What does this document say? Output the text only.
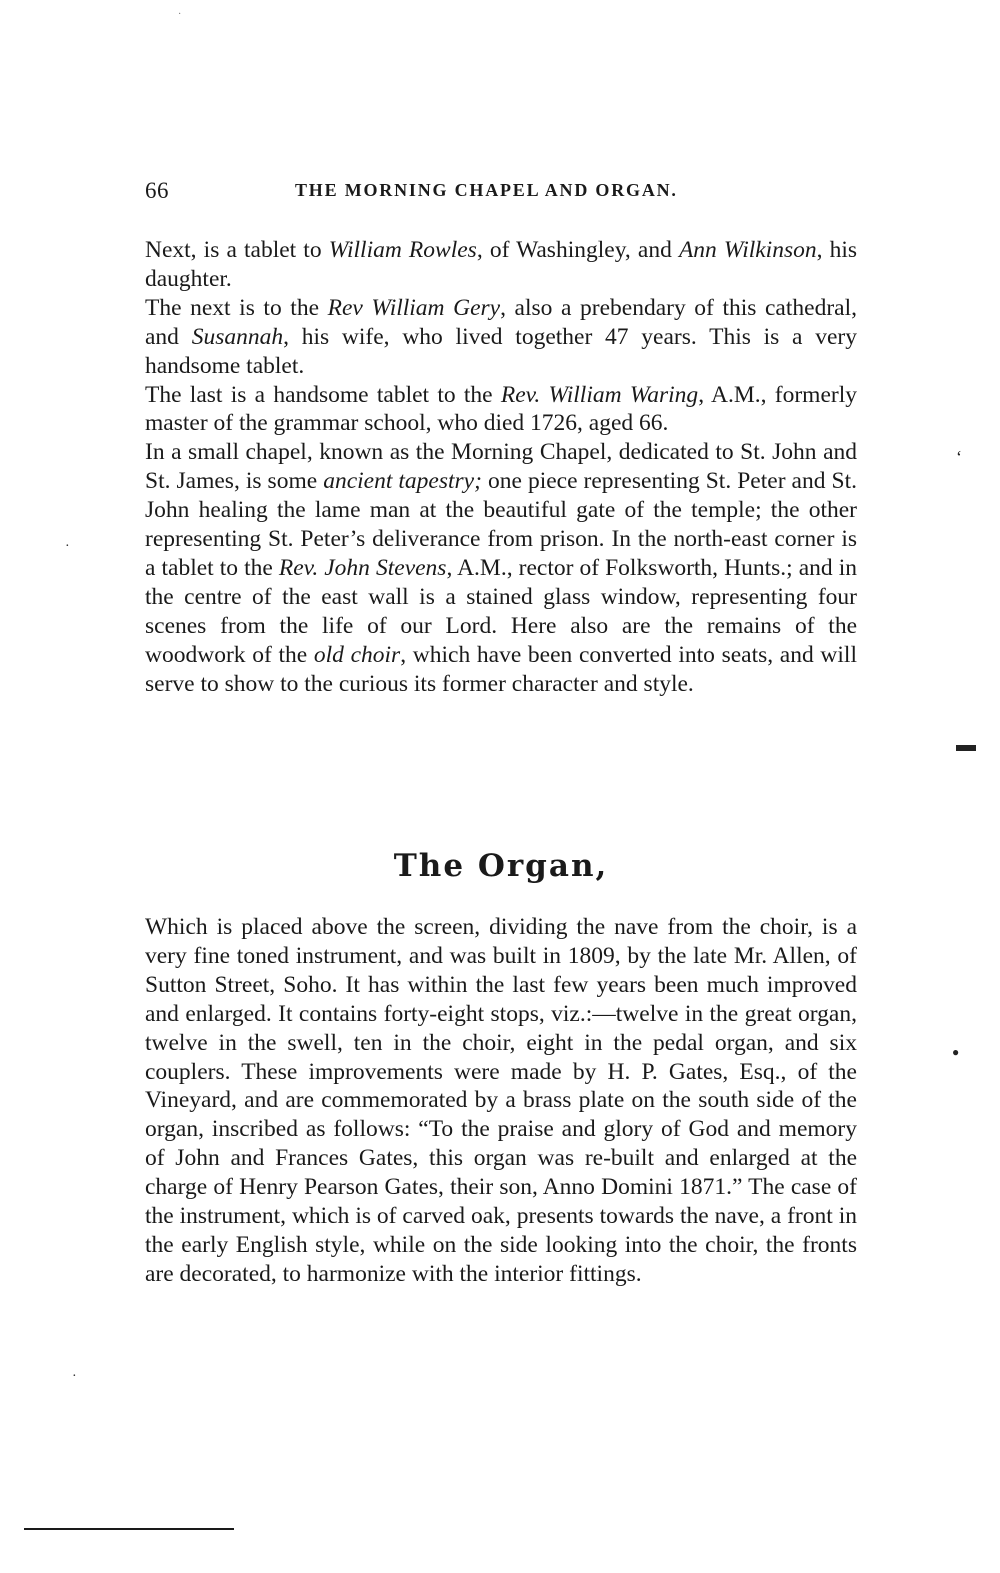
66	THE MORNING CHAPEL AND ORGAN.

Next, is a tablet to William Rowles, of Washingley, and Ann Wilkinson, his daughter.

The next is to the Rev William Gery, also a prebendary of this cathedral, and Susannah, his wife, who lived together 47 years. This is a very handsome tablet.

The last is a handsome tablet to the Rev. William Waring, A.M., formerly master of the grammar school, who died 1726, aged 66.

In a small chapel, known as the Morning Chapel, dedicated to St. John and St. James, is some ancient tapestry; one piece representing St. Peter and St. John healing the lame man at the beautiful gate of the temple; the other representing St. Peter’s deliverance from prison. In the north-east corner is a tablet to the Rev. John Stevens, A.M., rector of Folksworth, Hunts.; and in the centre of the east wall is a stained glass window, representing four scenes from the life of our Lord. Here also are the remains of the woodwork of the old choir, which have been converted into seats, and will serve to show to the curious its former character and style.

The Organ,

Which is placed above the screen, dividing the nave from the choir, is a very fine toned instrument, and was built in 1809, by the late Mr. Allen, of Sutton Street, Soho. It has within the last few years been much improved and enlarged. It contains forty-eight stops, viz.:—twelve in the great organ, twelve in the swell, ten in the choir, eight in the pedal organ, and six couplers. These improvements were made by H. P. Gates, Esq., of the Vineyard, and are commemorated by a brass plate on the south side of the organ, inscribed as follows: “To the praise and glory of God and memory of John and Frances Gates, this organ was re-built and enlarged at the charge of Henry Pearson Gates, their son, Anno Domini 1871.” The case of the instrument, which is of carved oak, presents towards the nave, a front in the early English style, while on the side looking into the choir, the fronts are decorated, to harmonize with the interior fittings.

‘
▬
●
·
·
·
